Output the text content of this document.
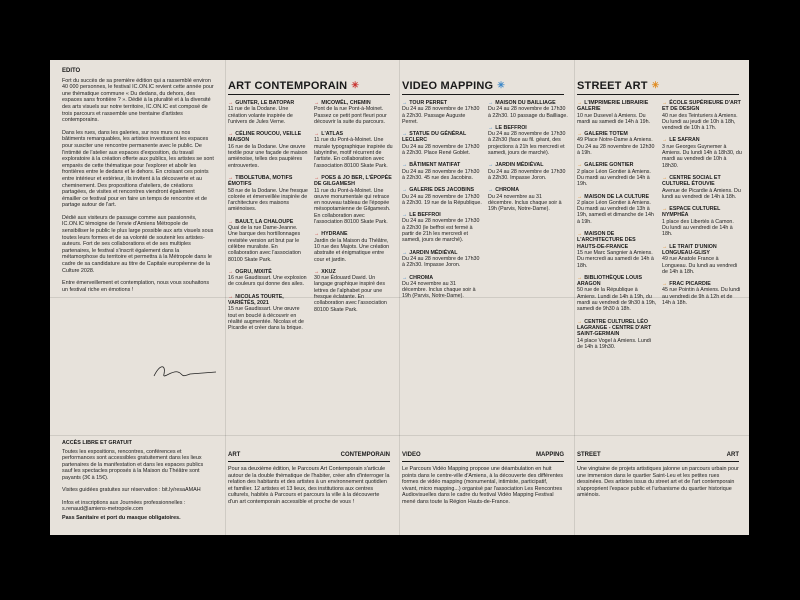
EDITO

Fort du succès de sa première édition qui a rassemblé environ 40 000 personnes, le festival IC.ON.IC revient cette année pour une thématique commune « Du dedans, du dehors, des espaces sans frontière ? ». Dédié à la pluralité et à la diversité des arts visuels sur notre territoire, IC.ON.IC est composé de trois parcours et rassemble une trentaine d'artistes contemporains.

Dans les rues, dans les galeries, sur nos murs ou nos bâtiments remarquables, les artistes investissent les espaces pour susciter une rencontre permanente avec le public. De l'intimité de l'atelier aux espaces d'exposition, du travail exploratoire à la création offerte aux publics, les artistes se sont emparés de cette thématique pour l'explorer et abolir les frontières entre le dedans et le dehors. En croisant ces points entre intérieur et extérieur, ils invitent à la découverte et au cheminement. Des propositions d'ateliers, de créations partagées, de visites et rencontres viendront également émailler ce festival pour en faire un temps de rencontre et de partage autour de l'art.

Dédié aux visiteurs de passage comme aux passionnés, IC.ON.IC témoigne de l'envie d'Amiens Métropole de sensibiliser le public le plus large possible aux arts visuels sous toutes leurs formes et de sa volonté de soutenir les artistes-auteurs. Fort de ses collaborations et de ses multiples partenaires, le festival s'inscrit également dans la métamorphose du territoire et permettra à la Métropole dans le cadre de sa candidature au titre de Capitale européenne de la Culture 2028.

Entre émerveillement et contemplation, nous vous souhaitons un festival riche en émotions !

ACCÈS LIBRE ET GRATUIT

Toutes les expositions, rencontres, conférences et performances sont accessibles gratuitement dans les lieux partenaires de la manifestation et dans les espaces publics sauf les spectacles proposés à la Maison du Théâtre sont payants (3€ à 15€).

Visites guidées gratuites sur réservation : bit.ly/resaAMAH

Infos et inscriptions aux Journées professionnelles : s.renaud@amiens-metropole.com

Pass Sanitaire et port du masque obligatoires.

ART CONTEMPORAIN ✳	VIDEO MAPPING ✳	STREET ART ✳
→ GUNTER, LE BATOPAR
11 rue de la Dodane. Une création volante inspirée de l'univers de Jules Verne.
→ CÉLINE ROUCOU, VEILLE MAISON
16 rue de la Dodane. Une œuvre textile pour une façade de maison amiénoise, telles des paupières entrouvertes.
→ TIBOLETUBA, MOTIFS ÉMOTIFS
58 rue de la Dodane. Une fresque colorée et émerveillée inspirée de l'architecture des maisons amiénoises.
→ BAULT, LA CHALOUPE
Quai de la rue Dame-Jeanne. Une barque des hortillonnages revisitée version art brut par le célèbre muraliste. En collaboration avec l'association 80100 Skate Park.
→ OGRU, MIXITÉ
16 rue Gaudissart. Une explosion de couleurs qui donne des ailes.
→ NICOLAS TOURTE, VARIÉTÉS, 2021
15 rue Gaudissart. Une œuvre tout en bouclé à découvrir en réalité augmentée. Nicolas et de Picardie et créer dans la brique.
→ MICOWËL, CHEMIN
Pont de la rue Pont-à-Moinet. Passez ce petit pont fleuri pour découvrir la suite du parcours.
→ L'ATLAS
11 rue du Pont-à-Moinet. Une murale typographique inspirée du labyrinthe, motif récurrent de l'artiste. En collaboration avec l'association 80100 Skate Park.
→ POES & JO BER, L'ÉPOPÉE DE GILGAMESH
11 rue du Pont-à-Moinet. Une œuvre monumentale qui retrace en nouveau tableau de l'épopée mésopotamienne de Gilgamesh. En collaboration avec l'association 80100 Skate Park.
→ HYDRANE
Jardin de la Maison du Théâtre, 10 rue des Majots. Une création abstraite et énigmatique entre cour et jardin.
→ XKUZ
30 rue Édouard David. Un langage graphique inspiré des lettres de l'alphabet pour une fresque éclatante. En collaboration avec l'association 80100 Skate Park.
→ TOUR PERRET
Du 24 au 28 novembre de 17h30 à 22h30. Passage Auguste Perret.
→ STATUE DU GÉNÉRAL LECLERC
Du 24 au 28 novembre de 17h30 à 22h30. Place René Goblet.
→ BÂTIMENT MATIFAT
Du 24 au 28 novembre de 17h30 à 22h30. 45 rue des Jacobins.
→ GALERIE DES JACOBINS
Du 24 au 28 novembre de 17h30 à 22h30. 19 rue de la République.
→ LE BEFFROI
Du 24 au 28 novembre de 17h30 à 22h30 (le beffroi est fermé à partir de 21h les mercredi et samedi, jours de marché).
→ JARDIN MÉDIÉVAL
Du 24 au 28 novembre de 17h30 à 22h30. Impasse Joron.
→ CHROMA
Du 24 novembre au 31 décembre. Inclus chaque soir à 19h (Parvis, Notre-Dame).
→ MAISON DU BAILLIAGE
Du 24 au 28 novembre de 17h30 à 22h30. 10 passage du Bailliage.
→ LE BEFFROI
Du 24 au 28 novembre de 17h30 à 22h30 (face au fil. géant, des projections à 21h les mercredi et samedi, jours de marché).
→ JARDIN MÉDIÉVAL
Du 24 au 28 novembre de 17h30 à 22h30. Impasse Joron.
→ CHROMA
Du 24 novembre au 31 décembre. Inclus chaque soir à 19h (Parvis, Notre-Dame).
→ L'IMPRIMERIE LIBRAIRIE GALERIE
10 rue Dusevel à Amiens. Du mardi au samedi de 14h à 19h.
→ GALERIE TOTEM
49 Place Notre-Dame à Amiens. Du 24 au 28 novembre de 12h30 à 19h.
→ GALERIE GONTIER
2 place Léon Gontier à Amiens. Du mardi au vendredi de 14h à 19h.
→ MAISON DE LA CULTURE
2 place Léon Gontier à Amiens. Du mardi au vendredi de 13h à 19h, samedi et dimanche de 14h à 19h.
→ MAISON DE L'ARCHITECTURE DES HAUTS-DE-FRANCE
15 rue Marc Sangnier à Amiens. Du mercredi au samedi de 14h à 18h.
→ BIBLIOTHÈQUE LOUIS ARAGON
50 rue de la République à Amiens. Lundi de 14h à 19h, du mardi au vendredi de 9h30 à 19h, samedi de 9h30 à 18h.
→ CENTRE CULTUREL LÉO LAGRANGE - CENTRE D'ART SAINT-GERMAIN
14 place Vogel à Amiens. Lundi de 14h à 19h30.
→ ÉCOLE SUPÉRIEURE D'ART ET DE DESIGN
40 rue des Teinturiers à Amiens. Du lundi au jeudi de 10h à 18h, vendredi de 10h à 17h.
→ LE SAFRAN
3 rue Georges Guynemer à Amiens. Du lundi 14h à 18h30, du mardi au vendredi de 10h à 18h30.
→ CENTRE SOCIAL ET CULTUREL ÉTOUVIE
Avenue de Picardie à Amiens. Du lundi au vendredi de 14h à 18h.
→ ESPACE CULTUREL NYMPHÉA
1 place des Libertés à Camon. Du lundi au vendredi de 14h à 18h.
→ LE TRAIT D'UNION LONGUEAU-GLISY
49 rue Anatole France à Longueau. Du lundi au vendredi de 14h à 18h.
→ FRAC PICARDIE
45 rue Pointin à Amiens. Du lundi au vendredi de 9h à 12h et de 14h à 18h.
CONTEMPORAIN
ART
Pour sa deuxième édition, le Parcours Art Contemporain s'articule autour de la double thématique de l'habiter, créer afin d'interroger la relation des habitants et des artistes à un environnement quotidien et familier. 12 artistes et 13 lieux, des institutions aux centres culturels, habités à Parcours et parcours la ville à la découverte d'un art contemporain accessible et proche de vous !
MAPPING
VIDEO
Le Parcours Vidéo Mapping propose une déambulation en huit points dans le centre-ville d'Amiens, à la découverte des différentes formes de vidéo mapping (monumental, intimiste, participatif, vivant, micro mapping...) organisé par l'association Les Rencontres Audiovisuelles dans le cadre du festival Vidéo Mapping Festival mené dans toute la Région Hauts-de-France.
ART
STREET
Une vingtaine de projets artistiques jalonne un parcours urbain pour une immersion dans le quartier Saint-Leu et les petites rues dessinées. Des artistes issus du street art et de l'art contemporain s'approprient l'espace public et l'urbanisme du quartier historique amiénois.
